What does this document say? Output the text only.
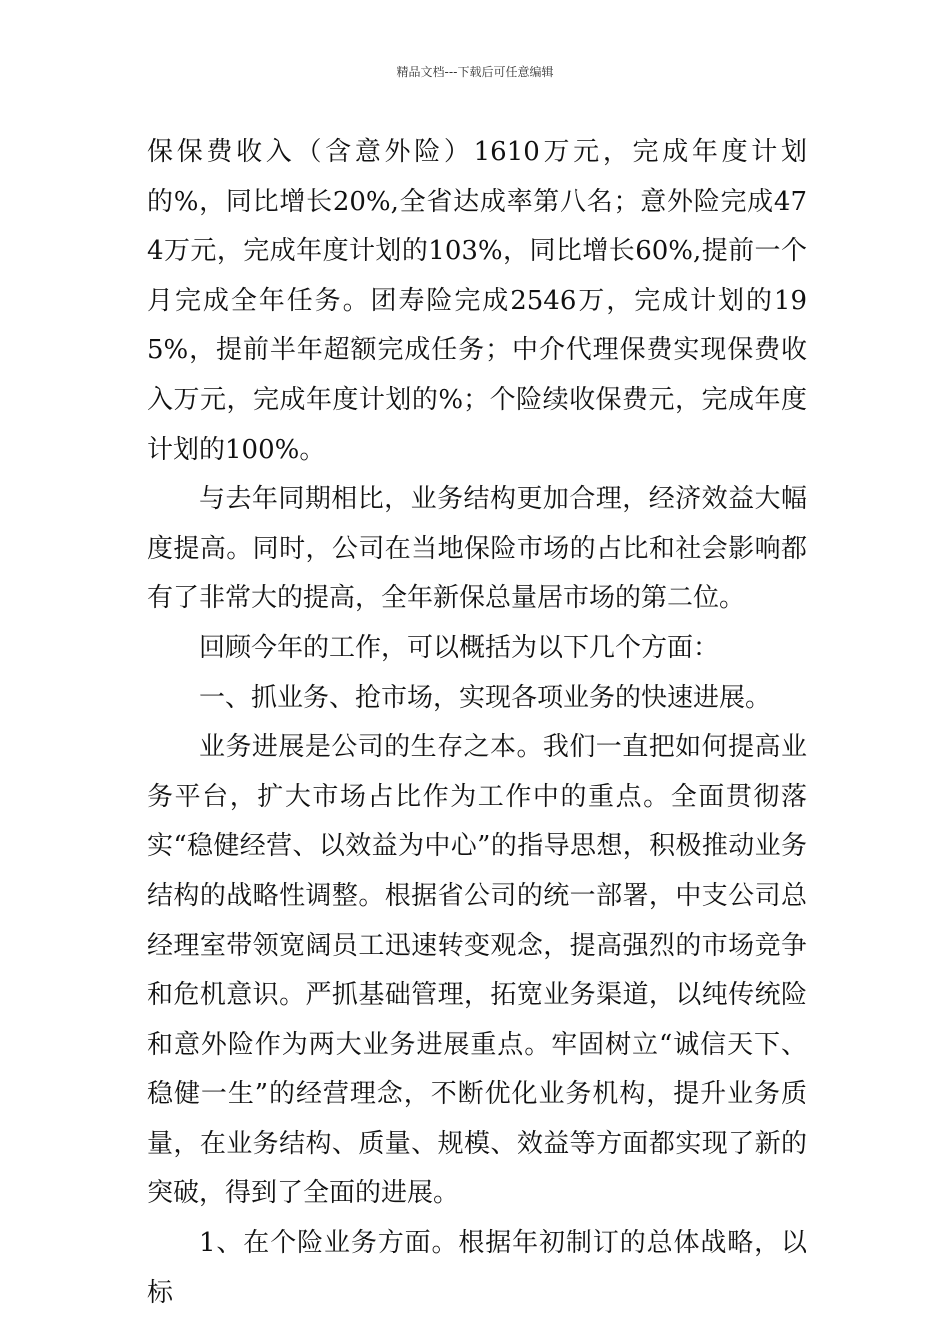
精品文档---下载后可任意编辑

保保费收入（含意外险）1610万元，完成年度计划的%，同比增长20%,全省达成率第八名；意外险完成474万元，完成年度计划的103%，同比增长60%,提前一个月完成全年任务。团寿险完成2546万，完成计划的195%，提前半年超额完成任务；中介代理保费实现保费收入万元，完成年度计划的%；个险续收保费元，完成年度计划的100%。

与去年同期相比，业务结构更加合理，经济效益大幅度提高。同时，公司在当地保险市场的占比和社会影响都有了非常大的提高，全年新保总量居市场的第二位。

回顾今年的工作，可以概括为以下几个方面：

一、抓业务、抢市场，实现各项业务的快速进展。

业务进展是公司的生存之本。我们一直把如何提高业务平台，扩大市场占比作为工作中的重点。全面贯彻落实“稳健经营、以效益为中心”的指导思想，积极推动业务结构的战略性调整。根据省公司的统一部署，中支公司总经理室带领宽阔员工迅速转变观念，提高强烈的市场竞争和危机意识。严抓基础管理，拓宽业务渠道，以纯传统险和意外险作为两大业务进展重点。牢固树立“诚信天下、稳健一生”的经营理念，不断优化业务机构，提升业务质量，在业务结构、质量、规模、效益等方面都实现了新的突破，得到了全面的进展。

1、在个险业务方面。根据年初制订的总体战略，以标
